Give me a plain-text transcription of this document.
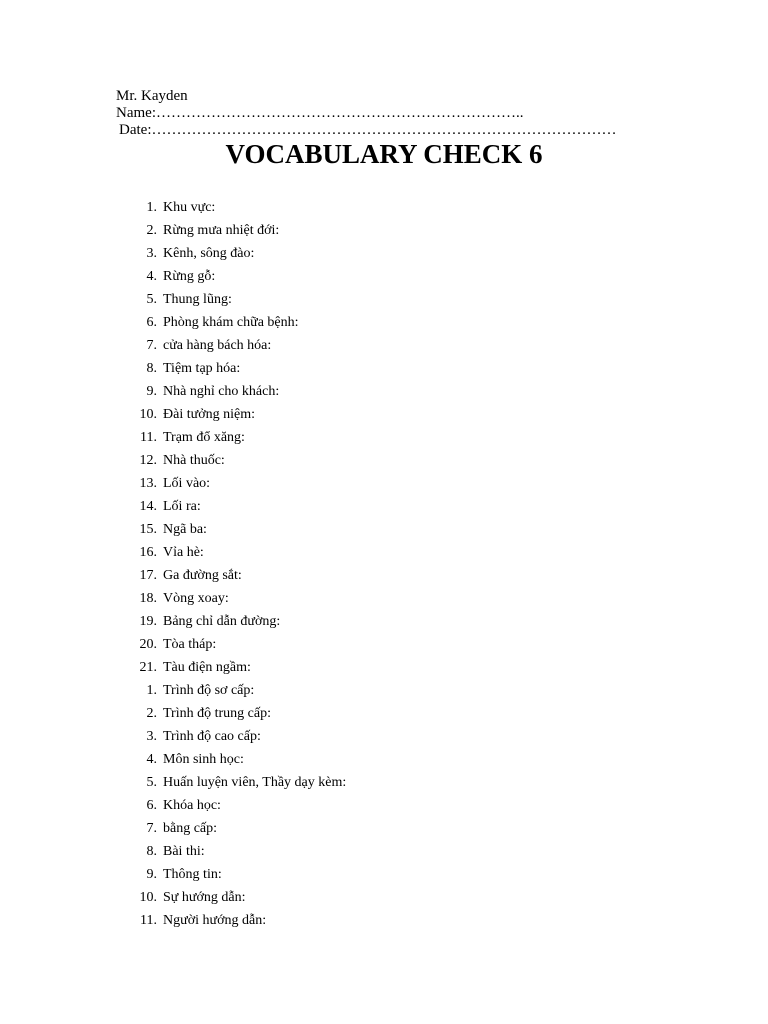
Mr. Kayden
Name:………………………………………………………………..
Date:…………………………………………………………………………………
VOCABULARY CHECK 6
1. Khu vực:
2. Rừng mưa nhiệt đới:
3. Kênh, sông đào:
4. Rừng gỗ:
5. Thung lũng:
6. Phòng khám chữa bệnh:
7. cửa hàng bách hóa:
8. Tiệm tạp hóa:
9. Nhà nghỉ cho khách:
10. Đài tưởng niệm:
11. Trạm đổ xăng:
12. Nhà thuốc:
13. Lối vào:
14. Lối ra:
15. Ngã ba:
16. Vỉa hè:
17. Ga đường sắt:
18. Vòng xoay:
19. Bảng chỉ dẫn đường:
20. Tòa tháp:
21. Tàu điện ngầm:
1. Trình độ sơ cấp:
2. Trình độ trung cấp:
3. Trình độ cao cấp:
4. Môn sinh học:
5. Huấn luyện viên, Thầy dạy kèm:
6. Khóa học:
7. bằng cấp:
8. Bài thi:
9. Thông tin:
10. Sự hướng dẫn:
11. Người hướng dẫn:
